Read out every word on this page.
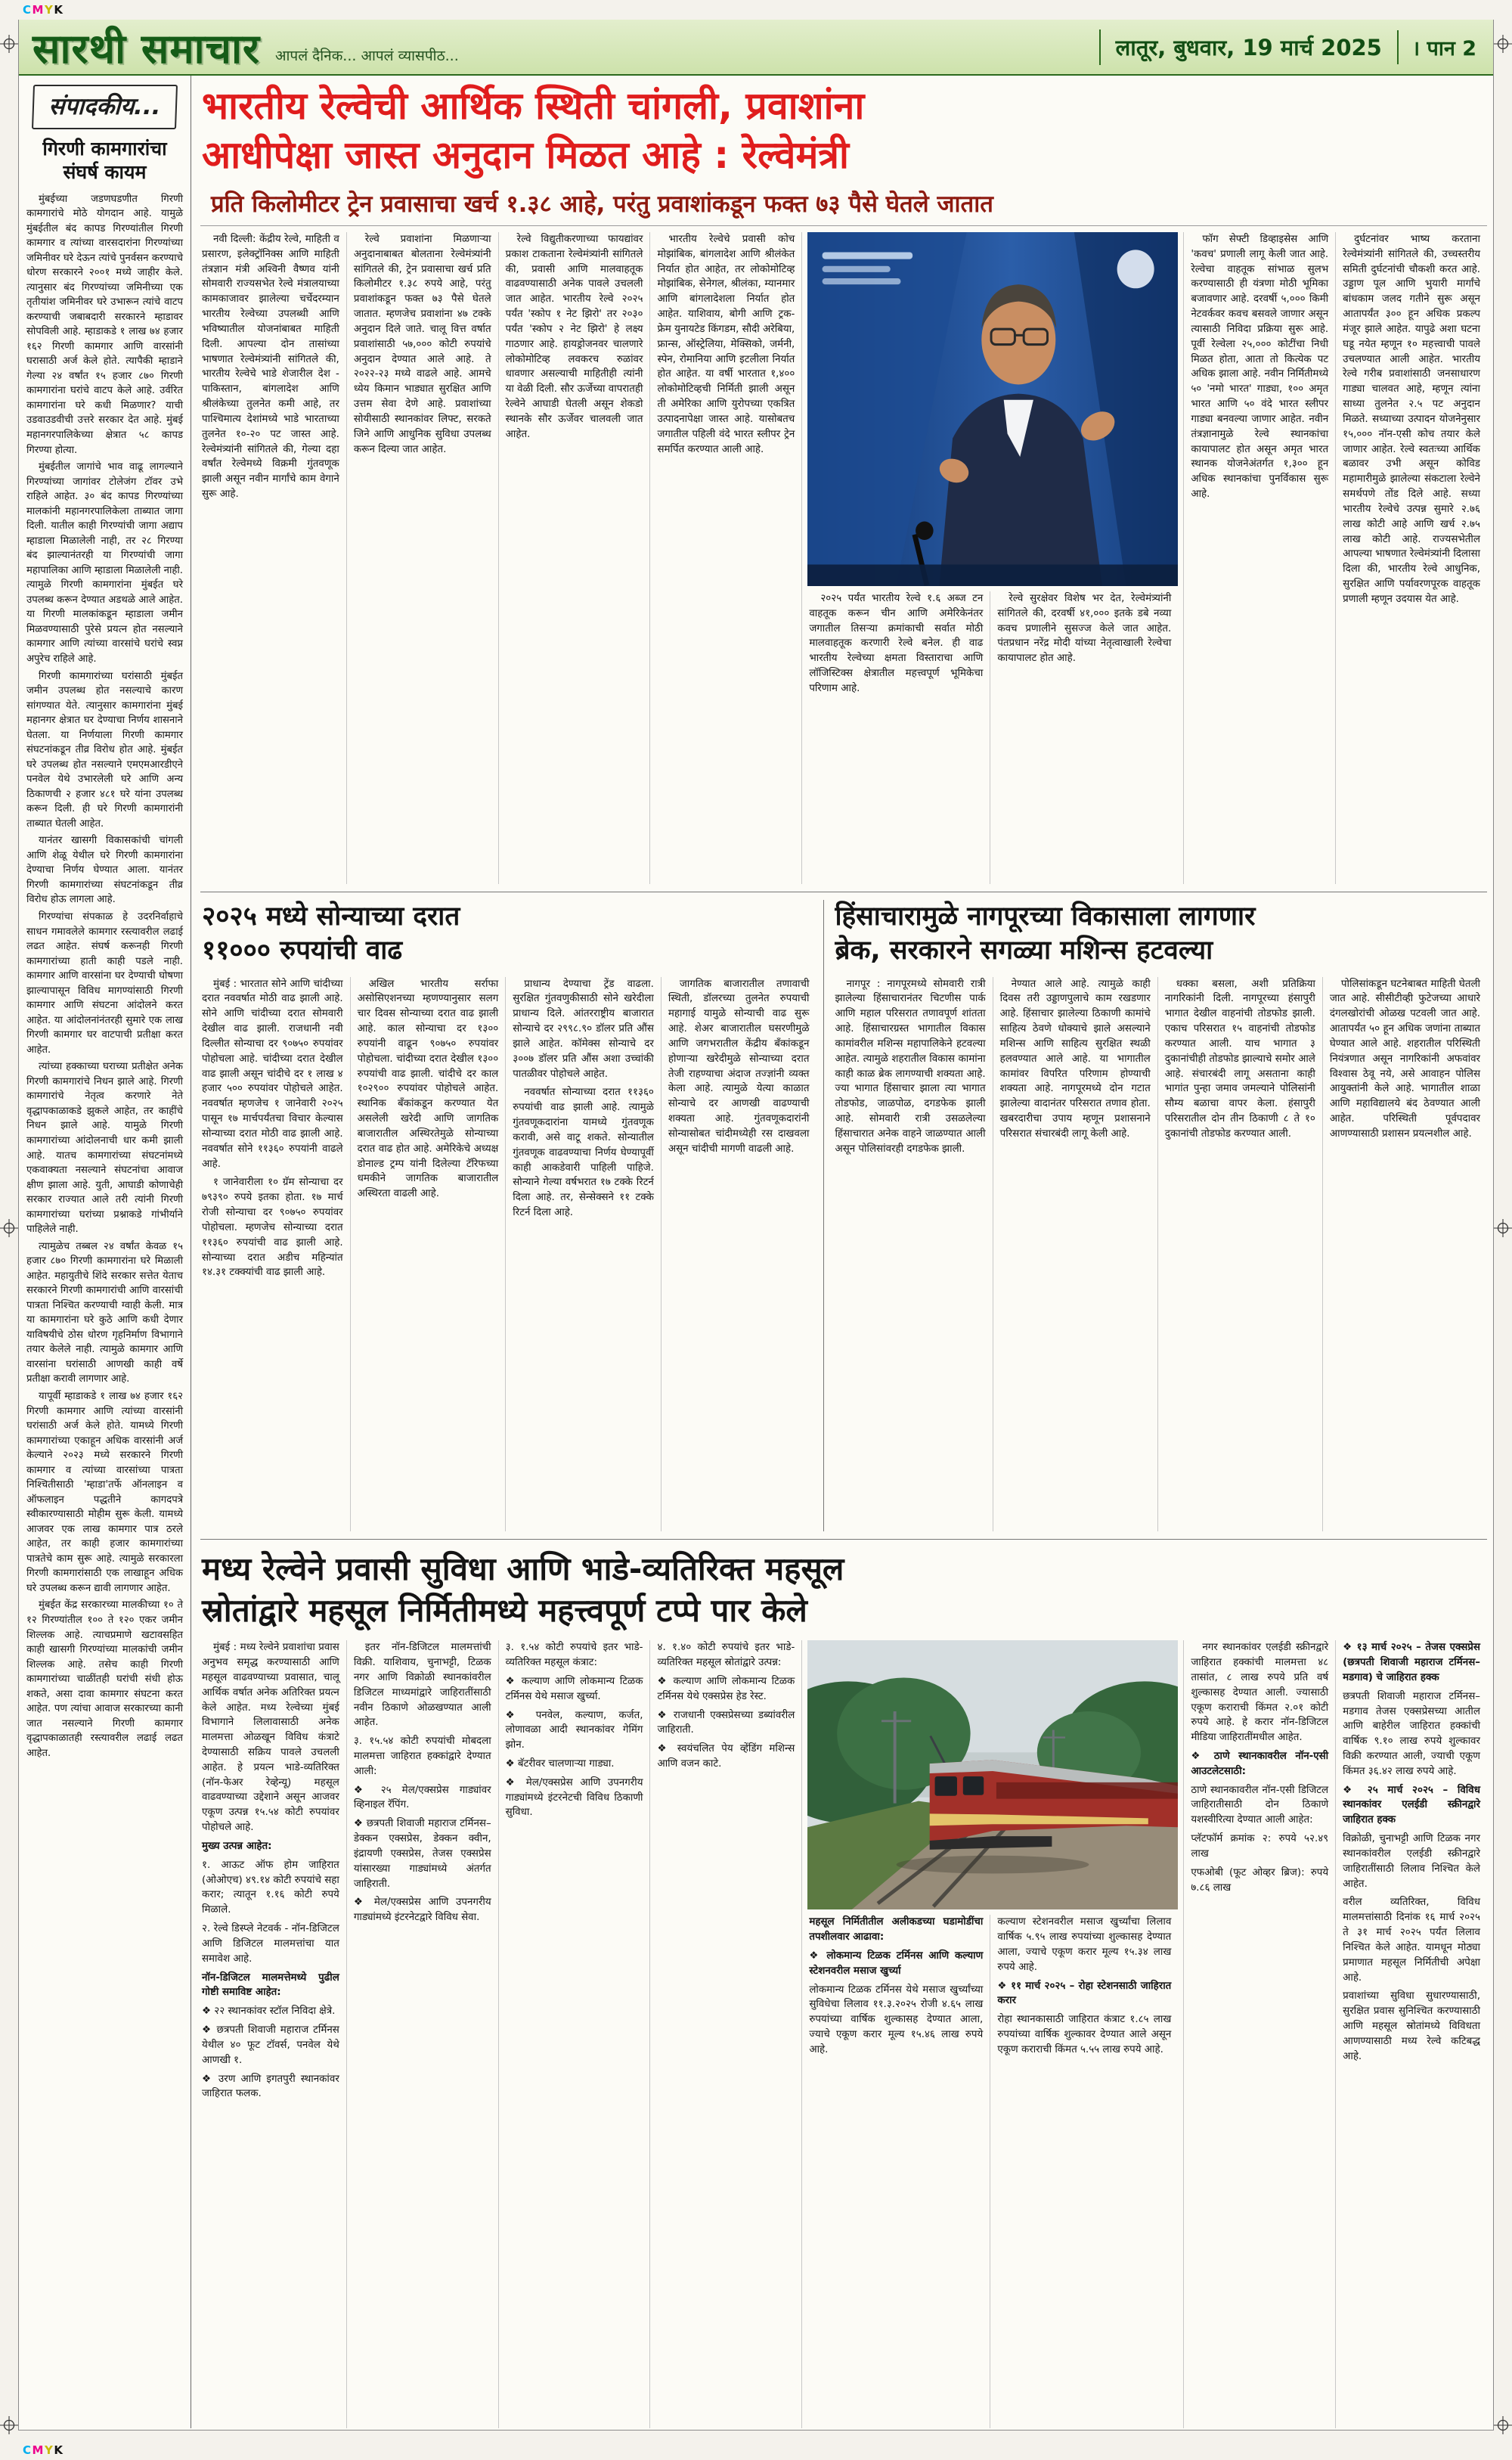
CMYK
CMYK
सारथी समाचार आपलं दैनिक... आपलं व्यासपीठ...	लातूर, बुधवार, 19 मार्च 2025	। पान 2
संपादकीय...
गिरणी कामगारांचा
संघर्ष कायम

मुंबईच्या जडणघडणीत गिरणी कामगारांचे मोठे योगदान आहे. यामुळे मुंबईतील बंद कापड गिरण्यांतील गिरणी कामगार व त्यांच्या वारसदारांना गिरण्यांच्या जमिनीवर घरे देऊन त्यांचे पुनर्वसन करण्याचे धोरण सरकारने २००१ मध्ये जाहीर केले. त्यानुसार बंद गिरण्यांच्या जमिनीच्या एक तृतीयांश जमिनीवर घरे उभारून त्यांचे वाटप करण्याची जबाबदारी सरकारने म्हाडावर सोपविली आहे. म्हाडाकडे १ लाख ७४ हजार १६२ गिरणी कामगार आणि वारसांनी घरासाठी अर्ज केले होते. त्यापैकी म्हाडाने गेल्या २४ वर्षांत १५ हजार ८७० गिरणी कामगारांना घरांचे वाटप केले आहे. उर्वरित कामगारांना घरे कधी मिळणार? याची उडवाउडवीची उत्तरे सरकार देत आहे. मुंबई महानगरपालिकेच्या क्षेत्रात ५८ कापड गिरण्या होत्या.

मुंबईतील जागांचे भाव वाढू लागल्याने गिरण्यांच्या जागांवर टोलेजंग टॉवर उभे राहिले आहेत. ३० बंद कापड गिरण्यांच्या मालकांनी महानगरपालिकेला ताब्यात जागा दिली. यातील काही गिरण्यांची जागा अद्याप म्हाडाला मिळालेली नाही, तर २८ गिरण्या बंद झाल्यानंतरही या गिरण्यांची जागा महापालिका आणि म्हाडाला मिळालेली नाही. त्यामुळे गिरणी कामगारांना मुंबईत घरे उपलब्ध करून देण्यात अडथळे आले आहेत. या गिरणी मालकांकडून म्हाडाला जमीन मिळवण्यासाठी पुरेसे प्रयत्न होत नसल्याने कामगार आणि त्यांच्या वारसांचे घरांचे स्वप्न अपुरेच राहिले आहे.

गिरणी कामगारांच्या घरांसाठी मुंबईत जमीन उपलब्ध होत नसल्याचे कारण सांगण्यात येते. त्यानुसार कामगारांना मुंबई महानगर क्षेत्रात घर देण्याचा निर्णय शासनाने घेतला. या निर्णयाला गिरणी कामगार संघटनांकडून तीव्र विरोध होत आहे. मुंबईत घरे उपलब्ध होत नसल्याने एमएमआरडीएने पनवेल येथे उभारलेली घरे आणि अन्य ठिकाणची २ हजार ४८१ घरे यांना उपलब्ध करून दिली. ही घरे गिरणी कामगारांनी ताब्यात घेतली आहेत.

यानंतर खासगी विकासकांची चांगली आणि शेळू येथील घरे गिरणी कामगारांना देण्याचा निर्णय घेण्यात आला. यानंतर गिरणी कामगारांच्या संघटनांकडून तीव्र विरोध होऊ लागला आहे.

गिरण्यांचा संपकाळ हे उदरनिर्वाहाचे साधन गमावलेले कामगार रस्त्यावरील लढाई लढत आहेत. संघर्ष करूनही गिरणी कामगारांच्या हाती काही पडले नाही. कामगार आणि वारसांना घर देण्याची घोषणा झाल्यापासून विविध मागण्यांसाठी गिरणी कामगार आणि संघटना आंदोलने करत आहेत. या आंदोलनांनंतरही सुमारे एक लाख गिरणी कामगार घर वाटपाची प्रतीक्षा करत आहेत.

त्यांच्या हक्काच्या घराच्या प्रतीक्षेत अनेक गिरणी कामगारांचे निधन झाले आहे. गिरणी कामगारांचे नेतृत्व करणारे नेते वृद्धापकाळाकडे झुकले आहेत, तर काहींचे निधन झाले आहे. यामुळे गिरणी कामगारांच्या आंदोलनाची धार कमी झाली आहे. यातच कामगारांच्या संघटनांमध्ये एकवाक्यता नसल्याने संघटनांचा आवाज क्षीण झाला आहे. युती, आघाडी कोणाचेही सरकार राज्यात आले तरी त्यांनी गिरणी कामगारांच्या घरांच्या प्रश्नाकडे गांभीर्याने पाहिलेले नाही.

त्यामुळेच तब्बल २४ वर्षांत केवळ १५ हजार ८७० गिरणी कामगारांना घरे मिळाली आहेत. महायुतीचे शिंदे सरकार सत्तेत येताच सरकारने गिरणी कामगारांची आणि वारसांची पात्रता निश्चित करण्याची ग्वाही केली. मात्र या कामगारांना घरे कुठे आणि कधी देणार याविषयीचे ठोस धोरण गृहनिर्माण विभागाने तयार केलेले नाही. त्यामुळे कामगार आणि वारसांना घरांसाठी आणखी काही वर्षे प्रतीक्षा करावी लागणार आहे.

यापूर्वी म्हाडाकडे १ लाख ७४ हजार १६२ गिरणी कामगार आणि त्यांच्या वारसांनी घरांसाठी अर्ज केले होते. यामध्ये गिरणी कामगारांच्या एकाहून अधिक वारसांनी अर्ज केल्याने २०२३ मध्ये सरकारने गिरणी कामगार व त्यांच्या वारसांच्या पात्रता निश्चितीसाठी 'म्हाडा'तर्फे ऑनलाइन व ऑफलाइन पद्धतीने कागदपत्रे स्वीकारण्यासाठी मोहीम सुरू केली. यामध्ये आजवर एक लाख कामगार पात्र ठरले आहेत, तर काही हजार कामगारांच्या पात्रतेचे काम सुरू आहे. त्यामुळे सरकारला गिरणी कामगारांसाठी एक लाखाहून अधिक घरे उपलब्ध करून द्यावी लागणार आहेत.

मुंबईत केंद्र सरकारच्या मालकीच्या १० ते १२ गिरण्यांतील १०० ते १२० एकर जमीन शिल्लक आहे. त्याचप्रमाणे खटावसहित काही खासगी गिरण्यांच्या मालकांची जमीन शिल्लक आहे. तसेच काही गिरणी कामगारांच्या चाळींतही घरांची संधी होऊ शकते, असा दावा कामगार संघटना करत आहेत. पण त्यांचा आवाज सरकारच्या कानी जात नसल्याने गिरणी कामगार वृद्धापकाळातही रस्त्यावरील लढाई लढत आहेत.

भारतीय रेल्वेची आर्थिक स्थिती चांगली, प्रवाशांना
आधीपेक्षा जास्त अनुदान मिळत आहे : रेल्वेमंत्री
प्रति किलोमीटर ट्रेन प्रवासाचा खर्च १.३८ आहे, परंतु प्रवाशांकडून फक्त ७३ पैसे घेतले जातात

नवी दिल्ली: केंद्रीय रेल्वे, माहिती व प्रसारण, इलेक्ट्रॉनिक्स आणि माहिती तंत्रज्ञान मंत्री अश्विनी वैष्णव यांनी सोमवारी राज्यसभेत रेल्वे मंत्रालयाच्या कामकाजावर झालेल्या चर्चेदरम्यान भारतीय रेल्वेच्या उपलब्धी आणि भविष्यातील योजनांबाबत माहिती दिली. आपल्या दोन तासांच्या भाषणात रेल्वेमंत्र्यांनी सांगितले की, भारतीय रेल्वेचे भाडे शेजारील देश - पाकिस्तान, बांगलादेश आणि श्रीलंकेच्या तुलनेत कमी आहे, तर पाश्चिमात्य देशांमध्ये भाडे भारताच्या तुलनेत १०-२० पट जास्त आहे. रेल्वेमंत्र्यांनी सांगितले की, गेल्या दहा वर्षांत रेल्वेमध्ये विक्रमी गुंतवणूक झाली असून नवीन मार्गांचे काम वेगाने सुरू आहे.

रेल्वे प्रवाशांना मिळणाऱ्या अनुदानाबाबत बोलताना रेल्वेमंत्र्यांनी सांगितले की, ट्रेन प्रवासाचा खर्च प्रति किलोमीटर १.३८ रुपये आहे, परंतु प्रवाशांकडून फक्त ७३ पैसे घेतले जातात. म्हणजेच प्रवाशांना ४७ टक्के अनुदान दिले जाते. चालू वित्त वर्षात प्रवाशांसाठी ५७,००० कोटी रुपयांचे अनुदान देण्यात आले आहे. ते २०२२-२३ मध्ये वाढले आहे. आमचे ध्येय किमान भाड्यात सुरक्षित आणि उत्तम सेवा देणे आहे. प्रवाशांच्या सोयीसाठी स्थानकांवर लिफ्ट, सरकते जिने आणि आधुनिक सुविधा उपलब्ध करून दिल्या जात आहेत.

रेल्वे विद्युतीकरणाच्या फायद्यांवर प्रकाश टाकताना रेल्वेमंत्र्यांनी सांगितले की, प्रवासी आणि मालवाहतूक वाढवण्यासाठी अनेक पावले उचलली जात आहेत. भारतीय रेल्वे २०२५ पर्यंत 'स्कोप १ नेट झिरो' तर २०३० पर्यंत 'स्कोप २ नेट झिरो' हे लक्ष्य गाठणार आहे. हायड्रोजनवर चालणारे लोकोमोटिव्ह लवकरच रुळांवर धावणार असल्याची माहितीही त्यांनी या वेळी दिली. सौर ऊर्जेच्या वापरातही रेल्वेने आघाडी घेतली असून शेकडो स्थानके सौर ऊर्जेवर चालवली जात आहेत.

भारतीय रेल्वेचे प्रवासी कोच मोझांबिक, बांगलादेश आणि श्रीलंकेत निर्यात होत आहेत, तर लोकोमोटिव्ह मोझांबिक, सेनेगल, श्रीलंका, म्यानमार आणि बांगलादेशला निर्यात होत आहेत. याशिवाय, बोगी आणि ट्रक-फ्रेम युनायटेड किंगडम, सौदी अरेबिया, फ्रान्स, ऑस्ट्रेलिया, मेक्सिको, जर्मनी, स्पेन, रोमानिया आणि इटलीला निर्यात होत आहेत. या वर्षी भारतात १,४०० लोकोमोटिव्हची निर्मिती झाली असून ती अमेरिका आणि युरोपच्या एकत्रित उत्पादनापेक्षा जास्त आहे. यासोबतच जगातील पहिली वंदे भारत स्लीपर ट्रेन समर्पित करण्यात आली आहे.

२०२५ पर्यंत भ‍ारतीय रेल्वे १.६ अब्ज टन वाहतूक करून चीन आणि अमेरिकेनंतर जगातील तिसऱ्या क्रमांकाची सर्वात मोठी मालवाहतूक करणारी रेल्वे बनेल. ही वाढ भारतीय रेल्वेच्या क्षमता विस्ताराचा आणि लॉजिस्टिक्स क्षेत्रातील महत्त्वपूर्ण भूमिकेचा परिणाम आहे.

रेल्वे सुरक्षेवर विशेष भर देत, रेल्वेमंत्र्यांनी सांगितले की, दरवर्षी ४१,००० इतके डबे नव्या कवच प्रणालीने सुसज्ज केले जात आहेत. पंतप्रधान नरेंद्र मोदी यांच्या नेतृत्वाखाली रेल्वेचा कायापालट होत आहे.

फॉग सेफ्टी डिव्हाइसेस आणि 'कवच' प्रणाली लागू केली जात आहे. रेल्वेचा वाहतूक सांभाळ सुलभ करण्यासाठी ही यंत्रणा मोठी भूमिका बजावणार आहे. दरवर्षी ५,००० किमी नेटवर्कवर कवच बसवले जाणार असून त्यासाठी निविदा प्रक्रिया सुरू आहे. पूर्वी रेल्वेला २५,००० कोटींचा निधी मिळत होता, आता तो कित्येक पट अधिक झाला आहे. नवीन निर्मितीमध्ये ५० 'नमो भारत' गाड्या, १०० अमृत भारत आणि ५० वंदे भारत स्लीपर गाड्या बनवल्या जाणार आहेत. नवीन तंत्रज्ञानामुळे रेल्वे स्थानकांचा कायापालट होत असून अमृत भारत स्थानक योजनेअंतर्गत १,३०० हून अधिक स्थानकांचा पुनर्विकास सुरू आहे.

दुर्घटनांवर भाष्य करताना रेल्वेमंत्र्यांनी सांगितले की, उच्चस्तरीय समिती दुर्घटनांची चौकशी करत आहे. उड्डाण पूल आणि भुयारी मार्गांचे बांधकाम जलद गतीने सुरू असून आतापर्यंत ३०० हून अधिक प्रकल्प मंजूर झाले आहेत. यापुढे अशा घटना घडू नयेत म्हणून १० महत्त्वाची पावले उचलण्यात आली आहेत. भारतीय रेल्वे गरीब प्रवाशांसाठी जनसाधारण गाड्या चालवत आहे, म्हणून त्यांना साध्या तुलनेत २.५ पट अनुदान मिळते. सध्याच्या उत्पादन योजनेनुसार १५,००० नॉन-एसी कोच तयार केले जाणार आहेत. रेल्वे स्वतःच्या आर्थिक बळावर उभी असून कोविड महामारीमुळे झालेल्या संकटाला रेल्वेने समर्थपणे तोंड दिले आहे. सध्या भारतीय रेल्वेचे उत्पन्न सुमारे २.७६ लाख कोटी आहे आणि खर्च २.७५ लाख कोटी आहे. राज्यसभेतील आपल्या भाषणात रेल्वेमंत्र्यांनी दिलासा दिला की, भारतीय रेल्वे आधुनिक, सुरक्षित आणि पर्यावरणपूरक वाहतूक प्रणाली म्हणून उदयास येत आहे.

२०२५ मध्ये सोन्याच्या दरात
११००० रुपयांची वाढ

मुंबई : भारतात सोने आणि चांदीच्या दरात नववर्षात मोठी वाढ झाली आहे. सोने आणि चांदीच्या दरात सोमवारी देखील वाढ झाली. राजधानी नवी दिल्लीत सोन्याचा दर ९०७५० रुपयांवर पोहोचला आहे. चांदीच्या दरात देखील वाढ झाली असून चांदीचे दर १ लाख ४ हजार ५०० रुपयांवर पोहोचले आहेत. नववर्षात म्हणजेच १ जानेवारी २०२५ पासून १७ मार्चपर्यंतचा विचार केल्यास सोन्याच्या दरात मोठी वाढ झाली आहे. नववर्षात सोने ११३६० रुपयांनी वाढले आहे.

१ जानेवारीला १० ग्रॅम सोन्याचा दर ७९३९० रुपये इतका होता. १७ मार्च रोजी सोन्याचा दर ९०७५० रुपयांवर पोहोचला. म्हणजेच सोन्याच्या दरात ११३६० रुपयांची वाढ झाली आहे. सोन्याच्या दरात अडीच महिन्यांत १४.३१ टक्क्यांची वाढ झाली आहे.

अखिल भारतीय सर्राफा असोसिएशनच्या म्हणण्यानुसार सलग चार दिवस सोन्याच्या दरात वाढ झाली आहे. काल सोन्याचा दर १३०० रुपयांनी वाढून ९०७५० रुपयांवर पोहोचला. चांदीच्या दरात देखील १३०० रुपयांची वाढ झाली. चांदीचे दर काल १०२९०० रुपयांवर पोहोचले आहेत. स्थानिक बँकांकडून करण्यात येत असलेली खरेदी आणि जागतिक बाजारातील अस्थिरतेमुळे सोन्याच्या दरात वाढ होत आहे. अमेरिकेचे अध्यक्ष डोनाल्ड ट्रम्प यांनी दिलेल्या टॅरिफच्या धमकीने जागतिक बाजारातील अस्थिरता वाढली आहे.

प्राधान्य देण्याचा ट्रेंड वाढला. सुरक्षित गुंतवणुकीसाठी सोने खरेदीला प्राधान्य दिले. आंतरराष्ट्रीय बाजारात सोन्याचे दर २९९८.९० डॉलर प्रति औंस झाले आहेत. कॉमेक्स सोन्याचे दर ३००७ डॉलर प्रति औंस अशा उच्चांकी पातळीवर पोहोचले आहेत.

नववर्षात सोन्याच्या दरात ११३६० रुपयांची वाढ झाली आहे. त्यामुळे गुंतवणूकदारांना यामध्ये गुंतवणूक करावी, असे वाटू शकते. सोन्यातील गुंतवणूक वाढवण्याचा निर्णय घेण्यापूर्वी काही आकडेवारी पाहिली पाहिजे. सोन्याने गेल्या वर्षभरात १७ टक्के रिटर्न दिला आहे. तर, सेन्सेक्सने ११ टक्के रिटर्न दिला आहे.

जागतिक बाजारातील तणावाची स्थिती, डॉलरच्या तुलनेत रुपयाची महागाई यामुळे सोन्याची वाढ सुरू आहे. शेअर बाजारातील घसरणीमुळे आणि जगभरातील केंद्रीय बँकांकडून होणाऱ्या खरेदीमुळे सोन्याच्या दरात तेजी राहण्याचा अंदाज तज्ज्ञांनी व्यक्त केला आहे. त्यामुळे येत्या काळात सोन्याचे दर आणखी वाढण्याची शक्यता आहे. गुंतवणूकदारांनी सोन्यासोबत चांदीमध्येही रस दाखवला असून चांदीची मागणी वाढली आहे.

हिंसाचारामुळे नागपूरच्या विकासाला लागणार
ब्रेक, सरकारने सगळ्या मशिन्स हटवल्या

नागपूर : नागपूरमध्ये सोमवारी रात्री झालेल्या हिंसाचारानंतर चिटणीस पार्क आणि महाल परिसरात तणावपूर्ण शांतता आहे. हिंसाचारग्रस्त भागातील विकास कामांवरील मशिन्स महापालिकेने हटवल्या आहेत. त्यामुळे शहरातील विकास कामांना काही काळ ब्रेक लागण्याची शक्यता आहे. ज्या भागात हिंसाचार झाला त्या भागात तोडफोड, जाळपोळ, दगडफेक झाली आहे. सोमवारी रात्री उसळलेल्या हिंसाचारात अनेक वाहने जाळण्यात आली असून पोलिसांवरही दगडफेक झाली.

नेण्यात आले आहे. त्यामुळे काही दिवस तरी उड्डाणपुलाचे काम रखडणार आहे. हिंसाचार झालेल्या ठिकाणी कामांचे साहित्य ठेवणे धोक्याचे झाले असल्याने मशिन्स आणि साहित्य सुरक्षित स्थळी हलवण्यात आले आहे. या भागातील कामांवर विपरित परिणाम होण्याची शक्यता आहे. नागपूरमध्ये दोन गटात झालेल्या वादानंतर परिसरात तणाव होता. खबरदारीचा उपाय म्हणून प्रशासनाने परिसरात संचारबंदी लागू केली आहे.

धक्का बसला, अशी प्रतिक्रिया नागरिकांनी दिली. नागपूरच्या हंसापुरी भागात देखील वाहनांची तोडफोड झाली. एकाच परिसरात १५ वाहनांची तोडफोड करण्यात आली. याच भागात ३ दुकानांचीही तोडफोड झाल्याचे समोर आले आहे. संचारबंदी लागू असताना काही भागांत पुन्हा जमाव जमल्याने पोलिसांनी सौम्य बळाचा वापर केला. हंसापुरी परिसरातील दोन तीन ठिकाणी ८ ते १० दुकानांची तोडफोड करण्यात आली.

पोलिसांकडून घटनेबाबत माहिती घेतली जात आहे. सीसीटीव्ही फुटेजच्या आधारे दंगलखोरांची ओळख पटवली जात आहे. आतापर्यंत ५० हून अधिक जणांना ताब्यात घेण्यात आले आहे. शहरातील परिस्थिती नियंत्रणात असून नागरिकांनी अफवांवर विश्वास ठेवू नये, असे आवाहन पोलिस आयुक्तांनी केले आहे. भागातील शाळा आणि महाविद्यालये बंद ठेवण्यात आली आहेत. परिस्थिती पूर्वपदावर आणण्यासाठी प्रशासन प्रयत्नशील आहे.

मध्य रेल्वेने प्रवासी सुविधा आणि भाडे-व्यतिरिक्त महसूल
स्रोतांद्वारे महसूल निर्मितीमध्ये महत्त्वपूर्ण टप्पे पार केले

मुंबई : मध्य रेल्वेने प्रवाशांचा प्रवास अनुभव समृद्ध करण्यासाठी आणि महसूल वाढवण्याच्या प्रवासात, चालू आर्थिक वर्षात अनेक अतिरिक्त प्रयत्न केले आहेत. मध्य रेल्वेच्या मुंबई विभागाने लिलावासाठी अनेक मालमत्ता ओळखून विविध कंत्राटे देण्यासाठी सक्रिय पावले उचलली आहेत. हे प्रयत्न भाडे-व्यतिरिक्त (नॉन-फेअर रेव्हेन्यू) महसूल वाढवण्याच्या उद्देशाने असून आजवर एकूण उत्पन्न १५.५४ कोटी रुपयांवर पोहोचले आहे.

मुख्य उत्पन्न आहेत:

१. आऊट ऑफ होम जाहिरात (ओओएच) ४९.१४ कोटी रुपयांचे सहा करार; त्यातून १.१६ कोटी रुपये मिळाले.

२. रेल्वे डिस्प्ले नेटवर्क - नॉन-डिजिटल आणि डिजिटल मालमत्तांचा यात समावेश आहे.

नॉन-डिजिटल मालमत्तेमध्ये पुढील गोष्टी समाविष्ट आहेत:

❖ २२ स्थानकांवर स्टॉल निविदा क्षेत्रे.

❖ छत्रपती शिवाजी महाराज टर्मिनस येथील ४० फूट टॉवर्स, पनवेल येथे आणखी १.

❖ उरण आणि इगतपुरी स्थानकांवर जाहिरात फलक.

इतर नॉन-डिजिटल मालमत्तांची विक्री. याशिवाय, चुनाभट्टी, टिळक नगर आणि विक्रोळी स्थानकांवरील डिजिटल माध्यमांद्वारे जाहिरातींसाठी नवीन ठिकाणे ओळखण्यात आली आहेत.

३. १५.५४ कोटी रुपयांची मोबदला मालमत्ता जाहिरात हक्कांद्वारे देण्यात आली:

❖ २५ मेल/एक्सप्रेस गाड्यांवर व्हिनाइल रॅपिंग.

❖ छत्रपती शिवाजी महाराज टर्मिनस–डेक्कन एक्सप्रेस, डेक्कन क्वीन, इंद्रायणी एक्सप्रेस, तेजस एक्सप्रेस यांसारख्या गाड्यांमध्ये अंतर्गत जाहिराती.

❖ मेल/एक्सप्रेस आणि उपनगरीय गाड्यांमध्ये इंटरनेटद्वारे विविध सेवा.

३. १.५४ कोटी रुपयांचे इतर भाडे-व्यतिरिक्त महसूल कंत्राट:

❖ कल्याण आणि लोकमान्य टिळक टर्मिनस येथे मसाज खुर्च्या.

❖ पनवेल, कल्याण, कर्जत, लोणावळा आदी स्थानकांवर गेमिंग झोन.

❖ बॅटरीवर चालणाऱ्या गाड्या.

❖ मेल/एक्सप्रेस आणि उपनगरीय गाड्यांमध्ये इंटरनेटची विविध ठिकाणी सुविधा.

४. १.४० कोटी रुपयांचे इतर भाडे-व्यतिरिक्त महसूल स्रोतांद्वारे उत्पन्न:

❖ कल्याण आणि लोकमान्य टिळक टर्मिनस येथे एक्सप्रेस हेड रेस्ट.

❖ राजधानी एक्सप्रेसच्या डब्यांवरील जाहिराती.

❖ स्वयंचलित पेय व्हेंडिंग मशिन्स आणि वजन काटे.

महसूल निर्मितीतील अलीकडच्या घडामोडींचा तपशीलवार आढावा:

❖ लोकमान्य टिळक टर्मिनस आणि कल्याण स्टेशनवरील मसाज खुर्च्या

लोकमान्य टिळक टर्मिनस येथे मसाज खुर्च्यांच्या सुविधेचा लिलाव ११.३.२०२५ रोजी ४.६५ लाख रुपयांच्या वार्षिक शुल्कासह देण्यात आला, ज्याचे एकूण करार मूल्य १५.४६ लाख रुपये आहे.

कल्याण स्टेशनवरील मसाज खुर्च्यांचा लिलाव वार्षिक ५.९५ लाख रुपयांच्या शुल्कासह देण्यात आला, ज्याचे एकूण करार मूल्य १५.३४ लाख रुपये आहे.

❖ ११ मार्च २०२५ – रोहा स्टेशनसाठी जाहिरात करार

रोहा स्थानकासाठी जाहिरात कंत्राट १.८५ लाख रुपयांच्या वार्षिक शुल्कावर देण्यात आले असून एकूण कराराची किंमत ५.५५ लाख रुपये आहे.

नगर स्थानकांवर एलईडी स्क्रीनद्वारे जाहिरात हक्कांची मालमत्ता ४८ तासांत, ८ लाख रुपये प्रति वर्ष शुल्कासह देण्यात आली. ज्यासाठी एकूण कराराची किंमत २.०१ कोटी रुपये आहे. हे करार नॉन-डिजिटल मीडिया जाहिरातींमधील आहेत.

❖ ठाणे स्थानकावरील नॉन-एसी आउटलेटसाठी:

ठाणे स्थानकावरील नॉन-एसी डिजिटल जाहिरातीसाठी दोन ठिकाणे यशस्वीरित्या देण्यात आली आहेत:

प्लॅटफॉर्म क्रमांक २: रुपये ५२.४९ लाख

एफओबी (फूट ओव्हर ब्रिज): रुपये ७.८६ लाख

❖ १३ मार्च २०२५ – तेजस एक्सप्रेस (छत्रपती शिवाजी महाराज टर्मिनस–मडगाव) चे जाहिरात हक्क

छत्रपती शिवाजी महाराज टर्मिनस–मडगाव तेजस एक्सप्रेसच्या आतील आणि बाहेरील जाहिरात हक्कांची वार्षिक ९.१० लाख रुपये शुल्कावर विक्री करण्यात आली, ज्याची एकूण किंमत ३६.४२ लाख रुपये आहे.

❖ २५ मार्च २०२५ – विविध स्थानकांवर एलईडी स्क्रीनद्वारे जाहिरात हक्क

विक्रोळी, चुनाभट्टी आणि टिळक नगर स्थानकांवरील एलईडी स्क्रीनद्वारे जाहिरातींसाठी लिलाव निश्चित केले आहेत.

वरील व्यतिरिक्त, विविध मालमत्तांसाठी दिनांक १६ मार्च २०२५ ते ३१ मार्च २०२५ पर्यंत लिलाव निश्चित केले आहेत. यामधून मोठ्या प्रमाणात महसूल निर्मितीची अपेक्षा आहे.

प्रवाशांच्या सुविधा सुधारण्यासाठी, सुरक्षित प्रवास सुनिश्चित करण्यासाठी आणि महसूल स्रोतांमध्ये विविधता आणण्यासाठी मध्य रेल्वे कटिबद्ध आहे.
